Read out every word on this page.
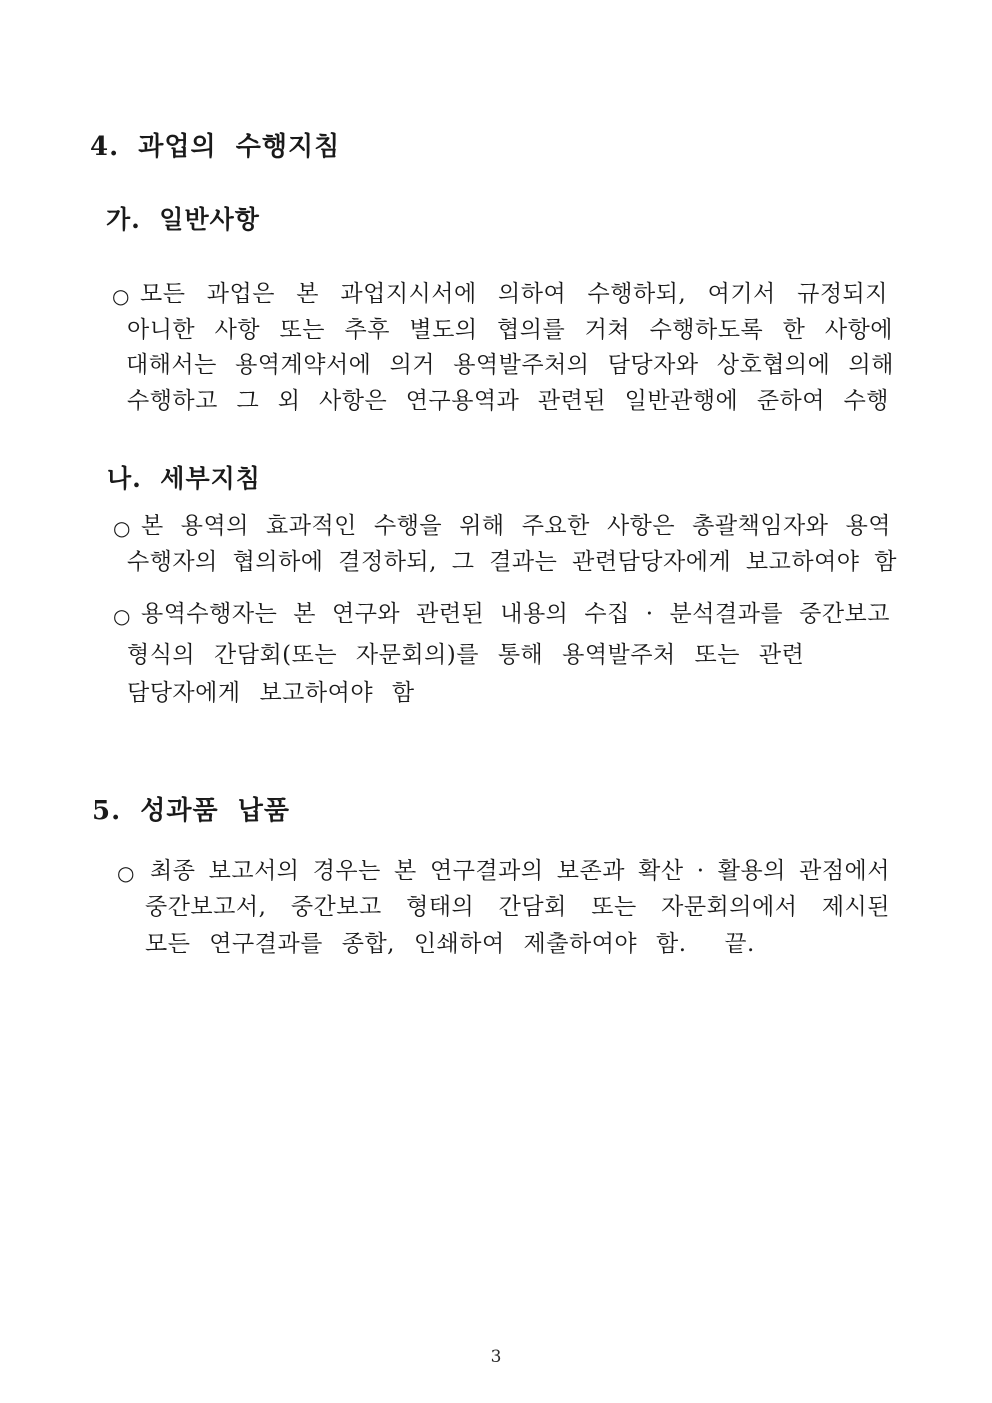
4. 과업의 수행지침
가. 일반사항
○ 모든 과업은 본 과업지시서에 의하여 수행하되, 여기서 규정되지
아니한 사항 또는 추후 별도의 협의를 거쳐 수행하도록 한 사항에
대해서는 용역계약서에 의거 용역발주처의 담당자와 상호협의에 의해
수행하고 그 외 사항은 연구용역과 관련된 일반관행에 준하여 수행
나. 세부지침
○ 본 용역의 효과적인 수행을 위해 주요한 사항은 총괄책임자와 용역
수행자의 협의하에 결정하되, 그 결과는 관련담당자에게 보고하여야 함
○ 용역수행자는 본 연구와 관련된 내용의 수집 · 분석결과를 중간보고
형식의 간담회(또는 자문회의)를 통해 용역발주처 또는 관련
담당자에게 보고하여야 함
5. 성과품 납품
○ 최종 보고서의 경우는 본 연구결과의 보존과 확산 · 활용의 관점에서
중간보고서, 중간보고 형태의 간담회 또는 자문회의에서 제시된
모든 연구결과를 종합, 인쇄하여 제출하여야 함.  끝.
3
